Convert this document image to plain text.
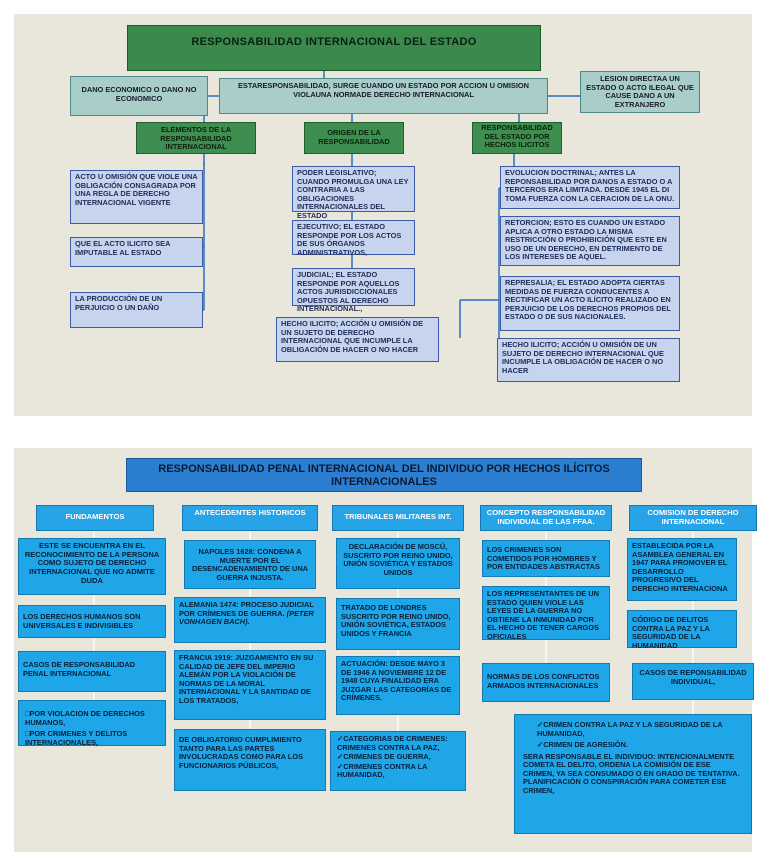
RESPONSABILIDAD INTERNACIONAL DEL ESTADO
ESTARESPONSABILIDAD, SURGE CUANDO UN ESTADO POR ACCION U OMISION VIOLAUNA NORMADE DERECHO INTERNACIONAL
DANO ECONOMICO O DANO NO ECONOMICO
LESION DIRECTAA UN ESTADO O ACTO ILEGAL QUE CAUSE DANO A UN EXTRANJERO
ELEMENTOS DE LA RESPONSABILIDAD INTERNACIONAL
ORIGEN DE LA RESPONSABILIDAD
RESPONSABILIDAD DEL ESTADO POR HECHOS ILICITOS
ACTO U OMISIÓN QUE VIOLE UNA OBLIGACIÓN CONSAGRADA POR UNA REGLA DE DERECHO INTERNACIONAL VIGENTE
QUE EL ACTO ILICITO SEA IMPUTABLE AL ESTADO
LA PRODUCCIÓN DE UN PERJUICIO O UN DAÑO
PODER LEGISLATIVO; CUANDO PROMULGA UNA LEY CONTRARIA A LAS OBLIGACIONES INTERNACIONALES DEL ESTADO
EJECUTIVO; EL ESTADO RESPONDE POR LOS ACTOS DE SUS ÓRGANOS ADMINISTRATIVOS,
JUDICIAL; EL ESTADO RESPONDE POR AQUELLOS ACTOS JURISDICCIONALES OPUESTOS AL DERECHO INTERNACIONAL.,
HECHO ILICITO; ACCIÓN U OMISIÓN DE UN SUJETO DE DERECHO INTERNACIONAL QUE INCUMPLE LA OBLIGACIÓN DE HACER O NO HACER
EVOLUCION DOCTRINAL; ANTES LA REPONSABILIDAD POR DANOS A ESTADO O A TERCEROS ERA LIMITADA. DESDE 1945 EL DI TOMA FUERZA CON LA CERACION DE LA ONU.
RETORCION; ESTO ES CUANDO UN ESTADO APLICA A OTRO ESTADO LA MISMA RESTRICCIÓN O PROHIBICIÓN QUE ESTE EN USO DE UN DERECHO, EN DETRIMENTO DE LOS INTERESES DE AQUEL.
REPRESALIA; EL ESTADO ADOPTA CIERTAS MEDIDAS DE FUERZA CONDUCENTES A RECTIFICAR UN ACTO ILÍCITO REALIZADO EN PERJUICIO DE LOS DERECHOS PROPIOS DEL ESTADO O DE SUS NACIONALES.
HECHO ILICITO; ACCIÓN U OMISIÓN DE UN SUJETO DE DERECHO INTERNACIONAL QUE INCUMPLE LA OBLIGACIÓN DE HACER O NO HACER
RESPONSABILIDAD PENAL INTERNACIONAL DEL INDIVIDUO POR HECHOS ILÍCITOS INTERNACIONALES
FUNDAMENTOS
ESTE SE ENCUENTRA EN EL RECONOCIMIENTO DE LA PERSONA COMO SUJETO DE DERECHO INTERNACIONAL QUE NO ADMITE DUDA
LOS DERECHOS HUMANOS SON UNIVERSALES E INDIVISIBLES
CASOS DE RESPONSABILIDAD PENAL INTERNACIONAL
□ POR VIOLACION DE DERECHOS HUMANOS,
□ POR CRIMENES Y DELITOS INTERNACIONALES,
ANTECEDENTES HISTORICOS
NAPOLES 1628: CONDENA A MUERTE POR EL DESENCADENAMIENTO DE UNA GUERRA INJUSTA.
ALEMANIA 1474: PROCESO JUDICIAL POR CRÍMENES DE GUERRA. (PETER VONHAGEN BACH).
FRANCIA 1919: JUZGAMIENTO EN SU CALIDAD DE JEFE DEL IMPERIO ALEMÁN POR LA VIOLACIÓN DE NORMAS DE LA MORAL INTERNACIONAL Y LA SANTIDAD DE LOS TRATADOS,
DE OBLIGATORIO CUMPLIMIENTO TANTO PARA LAS PARTES INVOLUCRADAS COMO PARA LOS FUNCIONARIOS PÚBLICOS,
TRIBUNALES MILITARES INT.
DECLARACIÓN DE MOSCÚ, SUSCRITO POR REINO UNIDO, UNIÓN SOVIÉTICA Y ESTADOS UNIDOS
TRATADO DE LONDRES SUSCRITO POR REINO UNIDO, UNIÓN SOVIÉTICA, ESTADOS UNIDOS Y FRANCIA
ACTUACIÓN: DESDE MAYO 3 DE 1946 A NOVIEMBRE 12 DE 1948 CUYA FINALIDAD ERA JUZGAR LAS CATEGORÍAS DE CRÍMENES.
✓ CATEGORIAS DE CRIMENES: CRIMENES CONTRA LA PAZ,
✓ CRIMENES DE GUERRA,
✓ CRIMENES CONTRA LA HUMANIDAD,
CONCEPTO RESPONSABILIDAD INDIVIDUAL DE LAS FFAA.
LOS CRIMENES SON COMETIDOS POR HOMBRES Y POR ENTIDADES ABSTRACTAS
LOS REPRESENTANTES DE UN ESTADO QUIEN VIOLE LAS LEYES DE LA GUERRA NO OBTIENE LA INMUNIDAD POR EL HECHO DE TENER CARGOS OFICIALES
NORMAS DE LOS CONFLICTOS ARMADOS INTERNACIONALES
COMISION DE DERECHO INTERNACIONAL
ESTABLECIDA POR LA ASAMBLEA GENERAL EN 1947 PARA PROMOVER EL DESARROLLO PROGRESIVO DEL DERECHO INTERNACIONA
CÓDIGO DE DELITOS CONTRA LA PAZ Y LA SEGURIDAD DE LA HUMANIDAD
CASOS DE REPONSABILIDAD INDIVIDUAL,
✓ CRIMEN CONTRA LA PAZ Y LA SEGURIDAD DE LA HUMANIDAD,
✓ CRIMEN DE AGRESIÓN.
SERA RESPONSABLE EL INDIVIDUO: INTENCIONALMENTE COMETA EL DELITO, ORDENA LA COMISIÓN DE ESE CRIMEN, YA SEA CONSUMADO O EN GRADO DE TENTATIVA. PLANIFICACIÓN O CONSPIRACIÓN PARA COMETER ESE CRIMEN,
